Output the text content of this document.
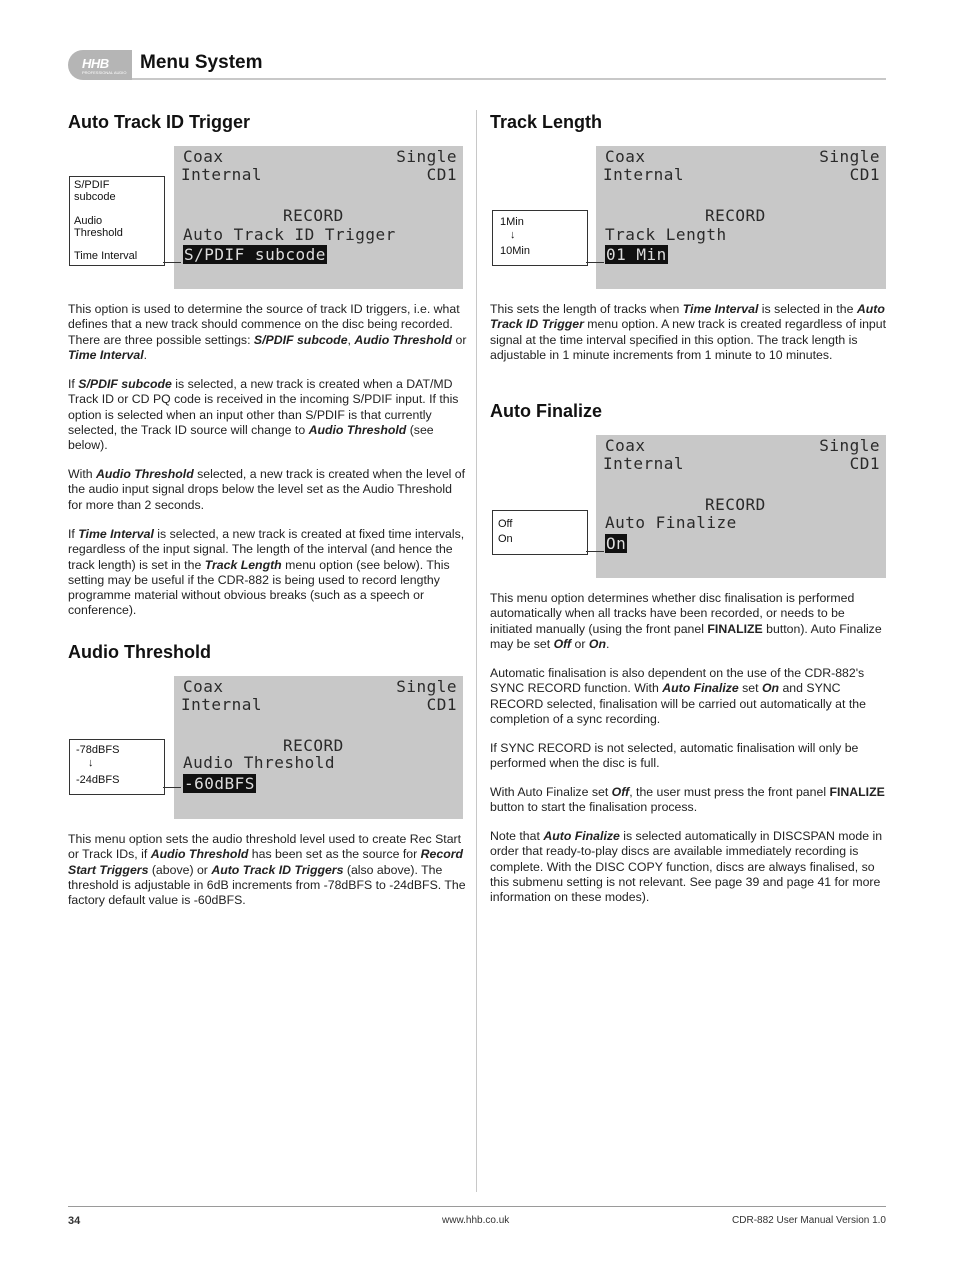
HHB
PROFESSIONAL AUDIO Menu System
Auto Track ID Trigger
Coax	Single
Internal	CD1
RECORD
Auto Track ID Trigger
S/PDIF subcode
S/PDIF
subcode
Audio
Threshold
Time Interval

This option is used to determine the source of track ID triggers, i.e. what defines that a new track should commence on the disc being recorded. There are three possible settings: S/PDIF subcode, Audio Threshold or Time Interval.

If S/PDIF subcode is selected, a new track is created when a DAT/MD Track ID or CD PQ code is received in the incoming S/PDIF input. If this option is selected when an input other than S/PDIF is that currently selected, the Track ID source will change to Audio Threshold (see below).

With Audio Threshold selected, a new track is created when the level of the audio input signal drops below the level set as the Audio Threshold for more than 2 seconds.

If Time Interval is selected, a new track is created at fixed time intervals, regardless of the input signal. The length of the interval (and hence the track length) is set in the Track Length menu option (see below). This setting may be useful if the CDR-882 is being used to record lengthy programme material without obvious breaks (such as a speech or conference).

Audio Threshold
Coax	Single
Internal	CD1
RECORD
Audio Threshold
-60dBFS
-78dBFS
↓
-24dBFS

This menu option sets the audio threshold level used to create Rec Start or Track IDs, if Audio Threshold has been set as the source for Record Start Triggers (above) or Auto Track ID Triggers (also above). The threshold is adjustable in 6dB increments from -78dBFS to -24dBFS. The factory default value is -60dBFS.

Track Length
Coax	Single
Internal	CD1
RECORD
Track Length
01 Min
1Min
↓
10Min

This sets the length of tracks when Time Interval is selected in the Auto Track ID Trigger menu option. A new track is created regardless of input signal at the time interval specified in this option. The track length is adjustable in 1 minute increments from 1 minute to 10 minutes.

Auto Finalize
Coax	Single
Internal	CD1
RECORD
Auto Finalize
On
Off
On

This menu option determines whether disc finalisation is performed automatically when all tracks have been recorded, or needs to be initiated manually (using the front panel FINALIZE button). Auto Finalize may be set Off or On.

Automatic finalisation is also dependent on the use of the CDR-882's SYNC RECORD function. With Auto Finalize set On and SYNC RECORD selected, finalisation will be carried out automatically at the completion of a sync recording.

If SYNC RECORD is not selected, automatic finalisation will only be performed when the disc is full.

With Auto Finalize set Off, the user must press the front panel FINALIZE button to start the finalisation process.

Note that Auto Finalize is selected automatically in DISCSPAN mode in order that ready-to-play discs are available immediately recording is complete. With the DISC COPY function, discs are always finalised, so this submenu setting is not relevant. See page 39 and page 41 for more information on these modes).

34	www.hhb.co.uk	CDR-882 User Manual Version 1.0
